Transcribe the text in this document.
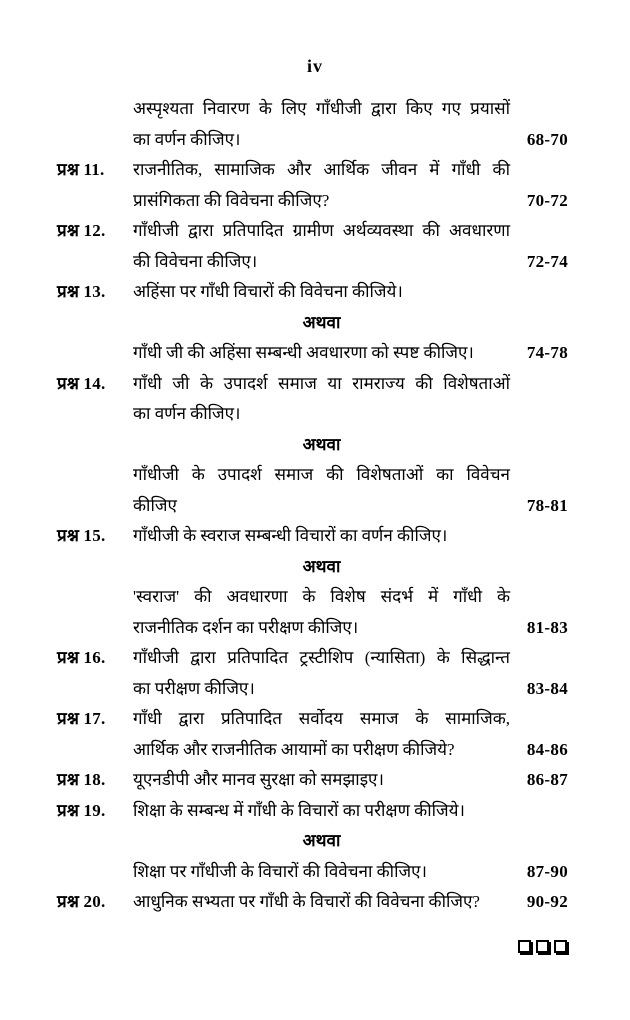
iv
अस्पृश्यता निवारण के लिए गाँधीजी द्वारा किए गए प्रयासों
का वर्णन कीजिए।	68-70
प्रश्न 11.	राजनीतिक, सामाजिक और आर्थिक जीवन में गाँधी की
प्रासंगिकता की विवेचना कीजिए?	70-72
प्रश्न 12.	गाँधीजी द्वारा प्रतिपादित ग्रामीण अर्थव्यवस्था की अवधारणा
की विवेचना कीजिए।	72-74
प्रश्न 13.	अहिंसा पर गाँधी विचारों की विवेचना कीजिये।
अथवा
गाँधी जी की अहिंसा सम्बन्धी अवधारणा को स्पष्ट कीजिए।	74-78
प्रश्न 14.	गाँधी जी के उपादर्श समाज या रामराज्य की विशेषताओं
का वर्णन कीजिए।
अथवा
गाँधीजी के उपादर्श समाज की विशेषताओं का विवेचन
कीजिए	78-81
प्रश्न 15.	गाँधीजी के स्वराज सम्बन्धी विचारों का वर्णन कीजिए।
अथवा
'स्वराज' की अवधारणा के विशेष संदर्भ में गाँधी के
राजनीतिक दर्शन का परीक्षण कीजिए।	81-83
प्रश्न 16.	गाँधीजी द्वारा प्रतिपादित ट्रस्टीशिप (न्यासिता) के सिद्धान्त
का परीक्षण कीजिए।	83-84
प्रश्न 17.	गाँधी द्वारा प्रतिपादित सर्वोदय समाज के सामाजिक,
आर्थिक और राजनीतिक आयामों का परीक्षण कीजिये?	84-86
प्रश्न 18.	यूएनडीपी और मानव सुरक्षा को समझाइए।	86-87
प्रश्न 19.	शिक्षा के सम्बन्ध में गाँधी के विचारों का परीक्षण कीजिये।
अथवा
शिक्षा पर गाँधीजी के विचारों की विवेचना कीजिए।	87-90
प्रश्न 20.	आधुनिक सभ्यता पर गाँधी के विचारों की विवेचना कीजिए?	90-92
